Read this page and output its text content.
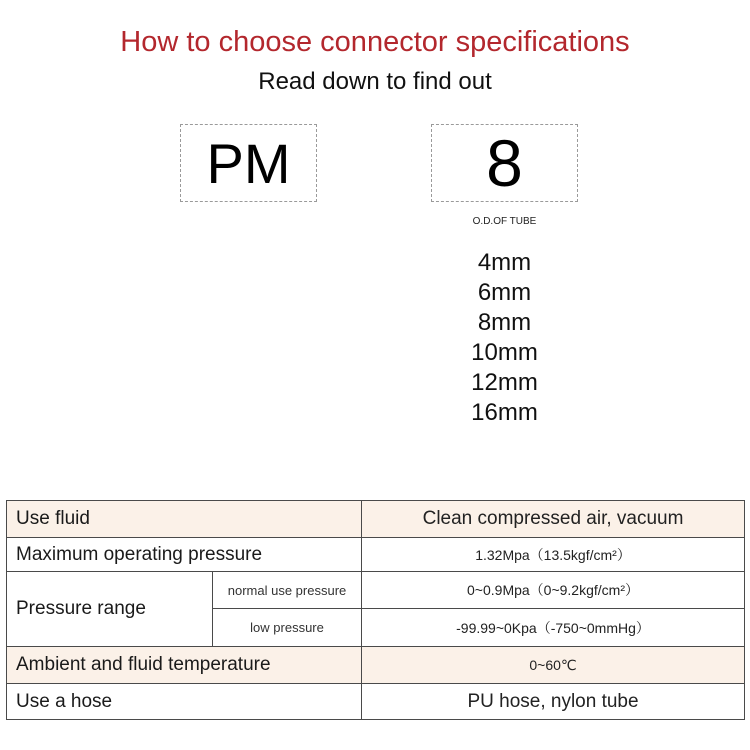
How to choose connector specifications
Read down to find out
PM	8
O.D.OF TUBE
4mm
6mm
8mm
10mm
12mm
16mm
Use fluid		Clean compressed air, vacuum
Maximum operating pressure		1.32Mpa（13.5kgf/cm²）
Pressure range	normal use pressure	0~0.9Mpa（0~9.2kgf/cm²）
	low pressure	-99.99~0Kpa（-750~0mmHg）
Ambient and fluid temperature		0~60℃
Use a hose		PU hose, nylon tube
